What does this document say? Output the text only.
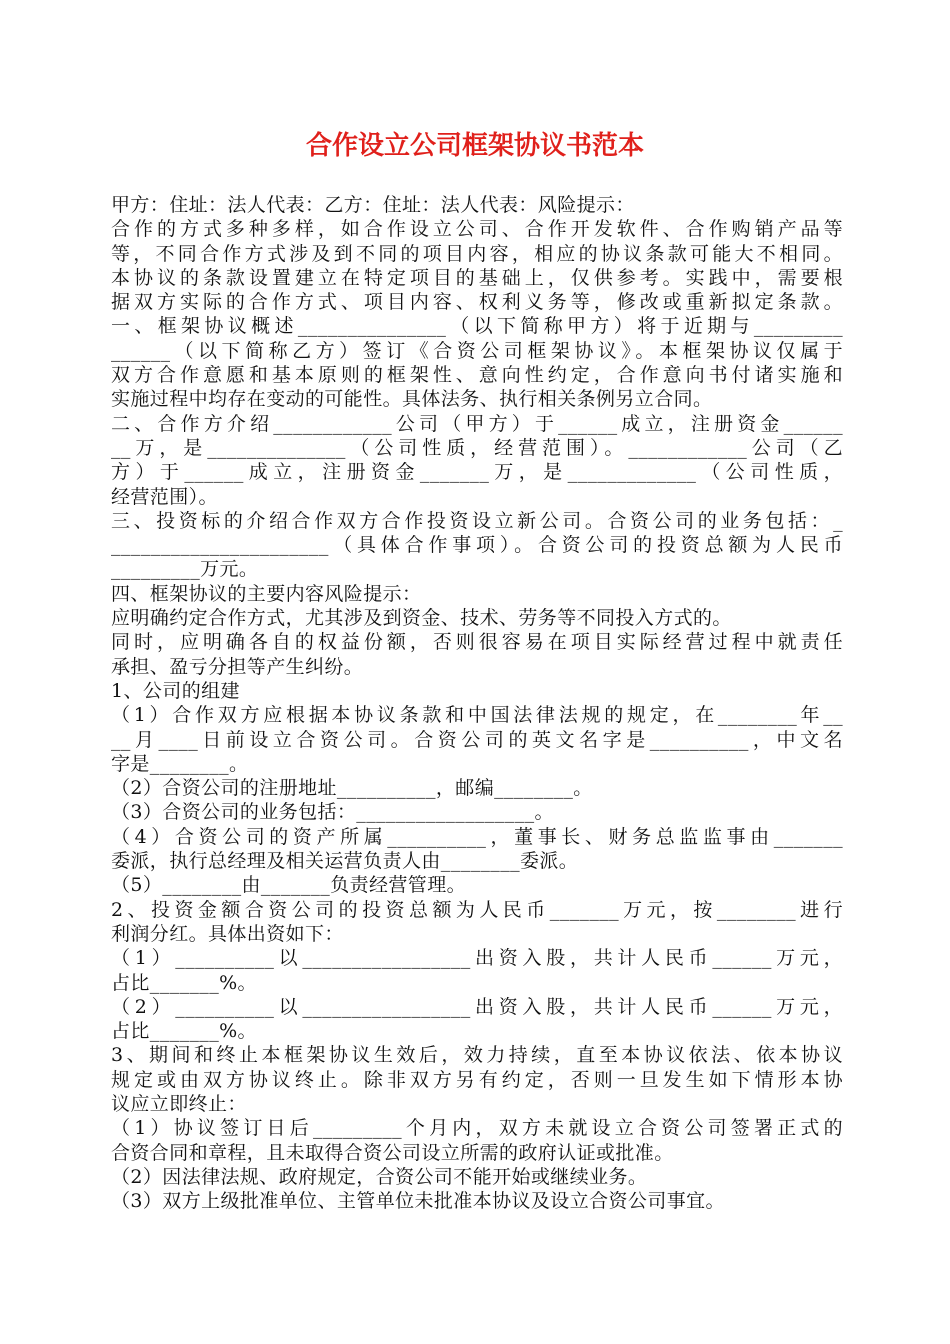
合作设立公司框架协议书范本
甲方：住址：法人代表：乙方：住址：法人代表：风险提示：
合作的方式多种多样，如合作设立公司、合作开发软件、合作购销产品等
等，不同合作方式涉及到不同的项目内容，相应的协议条款可能大不相同。
本协议的条款设置建立在特定项目的基础上，仅供参考。实践中，需要根
据双方实际的合作方式、项目内容、权利义务等，修改或重新拟定条款。
一、框架协议概述_______________（以下简称甲方）将于近期与_________
______（以下简称乙方）签订《合资公司框架协议》。本框架协议仅属于
双方合作意愿和基本原则的框架性、意向性约定，合作意向书付诸实施和
实施过程中均存在变动的可能性。具体法务、执行相关条例另立合同。
二、合作方介绍____________公司（甲方）于______成立，注册资金______
__万，是______________（公司性质，经营范围）。____________公司（乙
方）于______成立，注册资金_______万，是_____________（公司性质，
经营范围）。
三、投资标的介绍合作双方合作投资设立新公司。合资公司的业务包括：_
______________________（具体合作事项）。合资公司的投资总额为人民币
_________万元。
四、框架协议的主要内容风险提示：
应明确约定合作方式，尤其涉及到资金、技术、劳务等不同投入方式的。
同时，应明确各自的权益份额，否则很容易在项目实际经营过程中就责任
承担、盈亏分担等产生纠纷。
1、公司的组建
（1）合作双方应根据本协议条款和中国法律法规的规定，在________年__
__月____日前设立合资公司。合资公司的英文名字是__________，中文名
字是________。
（2）合资公司的注册地址__________，邮编________。
（3）合资公司的业务包括：__________________。
（4）合资公司的资产所属__________，董事长、财务总监监事由_______
委派，执行总经理及相关运营负责人由________委派。
（5）________由_______负责经营管理。
2、投资金额合资公司的投资总额为人民币_______万元，按________进行
利润分红。具体出资如下：
（1）__________以_________________出资入股，共计人民币______万元，
占比_______%。
（2）__________以_________________出资入股，共计人民币______万元，
占比_______%。
3、期间和终止本框架协议生效后，效力持续，直至本协议依法、依本协议
规定或由双方协议终止。除非双方另有约定，否则一旦发生如下情形本协
议应立即终止：
（1）协议签订日后_________个月内，双方未就设立合资公司签署正式的
合资合同和章程，且未取得合资公司设立所需的政府认证或批准。
（2）因法律法规、政府规定，合资公司不能开始或继续业务。
（3）双方上级批准单位、主管单位未批准本协议及设立合资公司事宜。
